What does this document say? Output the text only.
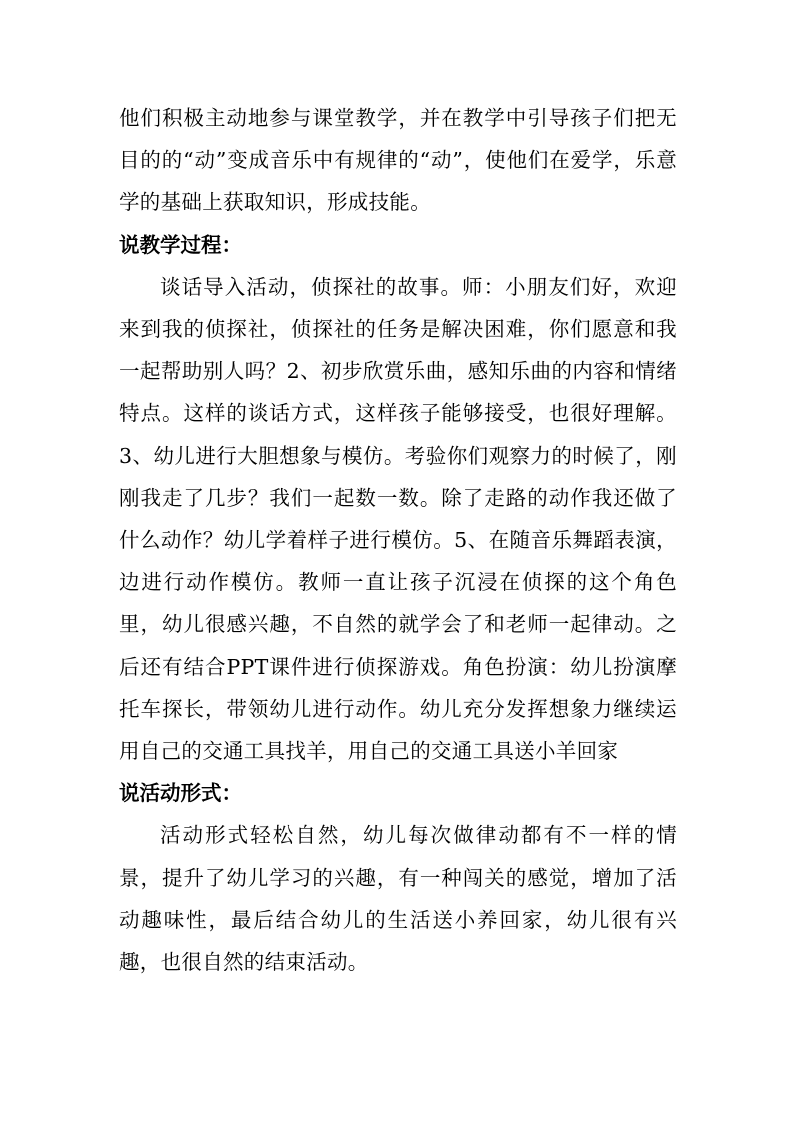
他们积极主动地参与课堂教学，并在教学中引导孩子们把无目的的“动”变成音乐中有规律的“动”，使他们在爱学，乐意学的基础上获取知识，形成技能。

说教学过程：

谈话导入活动，侦探社的故事。师：小朋友们好，欢迎来到我的侦探社，侦探社的任务是解决困难，你们愿意和我一起帮助别人吗？2、初步欣赏乐曲，感知乐曲的内容和情绪特点。这样的谈话方式，这样孩子能够接受，也很好理解。3、幼儿进行大胆想象与模仿。考验你们观察力的时候了，刚刚我走了几步？我们一起数一数。除了走路的动作我还做了什么动作？幼儿学着样子进行模仿。5、在随音乐舞蹈表演，边进行动作模仿。教师一直让孩子沉浸在侦探的这个角色里，幼儿很感兴趣，不自然的就学会了和老师一起律动。之后还有结合PPT课件进行侦探游戏。角色扮演：幼儿扮演摩托车探长，带领幼儿进行动作。幼儿充分发挥想象力继续运用自己的交通工具找羊，用自己的交通工具送小羊回家

说活动形式：

活动形式轻松自然，幼儿每次做律动都有不一样的情景，提升了幼儿学习的兴趣，有一种闯关的感觉，增加了活动趣味性，最后结合幼儿的生活送小养回家，幼儿很有兴趣，也很自然的结束活动。
